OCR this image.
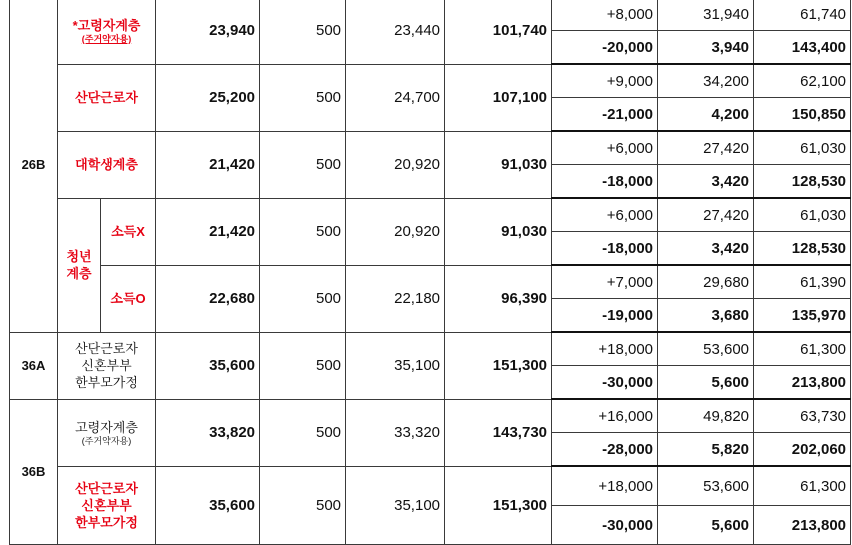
26B	*고령자계층
(주거약자용)		23,940	500	23,440	101,740	+8,000	31,940	61,740
							-20,000	3,940	143,400

	산단근로자		25,200	500	24,700	107,100	+9,000	34,200	62,100
							-21,000	4,200	150,850

	대학생계층		21,420	500	20,920	91,030	+6,000	27,420	61,030
							-18,000	3,420	128,530

	청년계층	소득X	21,420	500	20,920	91,030	+6,000	27,420	61,030
							-18,000	3,420	128,530

		소득O	22,680	500	22,180	96,390	+7,000	29,680	61,390
							-19,000	3,680	135,970
36A	산단근로자
신혼부부
한부모가정		35,600	500	35,100	151,300	+18,000	53,600	61,300
							-30,000	5,600	213,800
36B	고령자계층
(주거약자용)		33,820	500	33,320	143,730	+16,000	49,820	63,730
							-28,000	5,820	202,060

	산단근로자
신혼부부
한부모가정		35,600	500	35,100	151,300	+18,000	53,600	61,300
							-30,000	5,600	213,800
